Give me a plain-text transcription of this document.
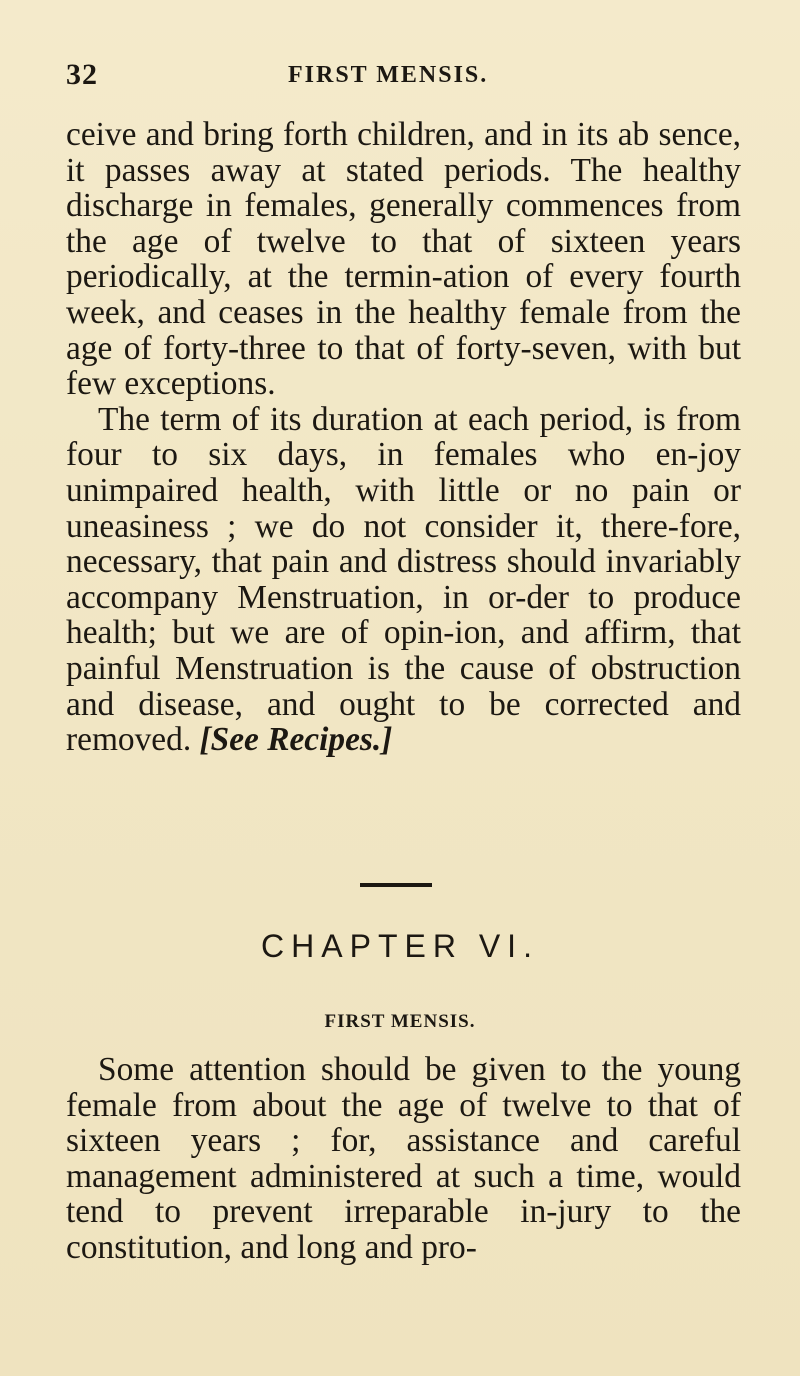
32	FIRST MENSIS.

ceive and bring forth children, and in its ab sence, it passes away at stated periods. The healthy discharge in females, generally commences from the age of twelve to that of sixteen years periodically, at the termin-ation of every fourth week, and ceases in the healthy female from the age of forty-three to that of forty-seven, with but few exceptions.

The term of its duration at each period, is from four to six days, in females who en-joy unimpaired health, with little or no pain or uneasiness ; we do not consider it, there-fore, necessary, that pain and distress should invariably accompany Menstruation, in or-der to produce health; but we are of opin-ion, and affirm, that painful Menstruation is the cause of obstruction and disease, and ought to be corrected and removed. [See Recipes.]

CHAPTER VI.
FIRST MENSIS.

Some attention should be given to the young female from about the age of twelve to that of sixteen years ; for, assistance and careful management administered at such a time, would tend to prevent irreparable in-jury to the constitution, and long and pro-
